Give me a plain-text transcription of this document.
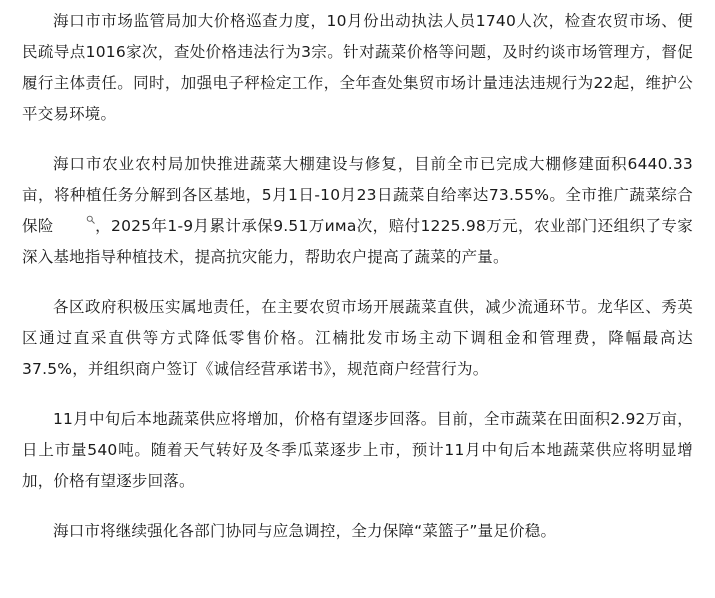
海口市市场监管局加大价格巡查力度，10月份出动执法人员1740人次，检查农贸市场、便民疏导点1016家次，查处价格违法行为3宗。针对蔬菜价格等问题，及时约谈市场管理方，督促履行主体责任。同时，加强电子秤检定工作，全年查处集贸市场计量违法违规行为22起，维护公平交易环境。

海口市农业农村局加快推进蔬菜大棚建设与修复，目前全市已完成大棚修建面积6440.33亩，将种植任务分解到各区基地，5月1日-10月23日蔬菜自给率达73.55%。全市推广蔬菜综合保险	，2025年1-9月累计承保9.51万има次，赔付1225.98万元，农业部门还组织了专家深入基地指导种植技术，提高抗灾能力，帮助农户提高了蔬菜的产量。

各区政府积极压实属地责任，在主要农贸市场开展蔬菜直供，减少流通环节。龙华区、秀英区通过直采直供等方式降低零售价格。江楠批发市场主动下调租金和管理费，降幅最高达37.5%，并组织商户签订《诚信经营承诺书》，规范商户经营行为。

11月中旬后本地蔬菜供应将增加，价格有望逐步回落。目前，全市蔬菜在田面积2.92万亩，日上市量540吨。随着天气转好及冬季瓜菜逐步上市，预计11月中旬后本地蔬菜供应将明显增加，价格有望逐步回落。

海口市将继续强化各部门协同与应急调控，全力保障“菜篮子”量足价稳。
